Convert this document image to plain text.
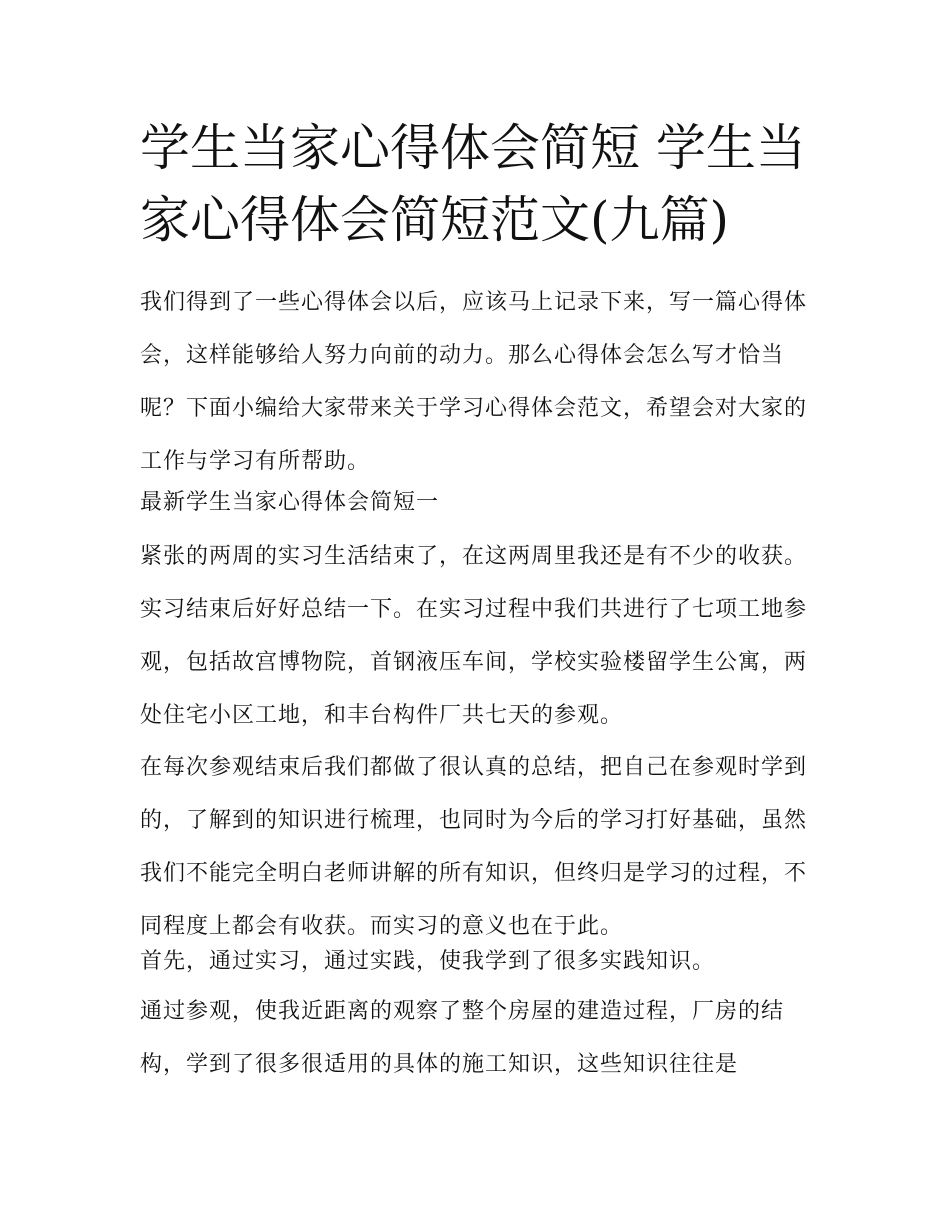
学生当家心得体会简短 学生当家心得体会简短范文(九篇)

我们得到了一些心得体会以后，应该马上记录下来，写一篇心得体会，这样能够给人努力向前的动力。那么心得体会怎么写才恰当呢？下面小编给大家带来关于学习心得体会范文，希望会对大家的工作与学习有所帮助。

最新学生当家心得体会简短一

紧张的两周的实习生活结束了，在这两周里我还是有不少的收获。实习结束后好好总结一下。在实习过程中我们共进行了七项工地参观，包括故宫博物院，首钢液压车间，学校实验楼留学生公寓，两处住宅小区工地，和丰台构件厂共七天的参观。

在每次参观结束后我们都做了很认真的总结，把自己在参观时学到的，了解到的知识进行梳理，也同时为今后的学习打好基础，虽然我们不能完全明白老师讲解的所有知识，但终归是学习的过程，不同程度上都会有收获。而实习的意义也在于此。

首先，通过实习，通过实践，使我学到了很多实践知识。

通过参观，使我近距离的观察了整个房屋的建造过程，厂房的结构，学到了很多很适用的具体的施工知识，这些知识往往是
